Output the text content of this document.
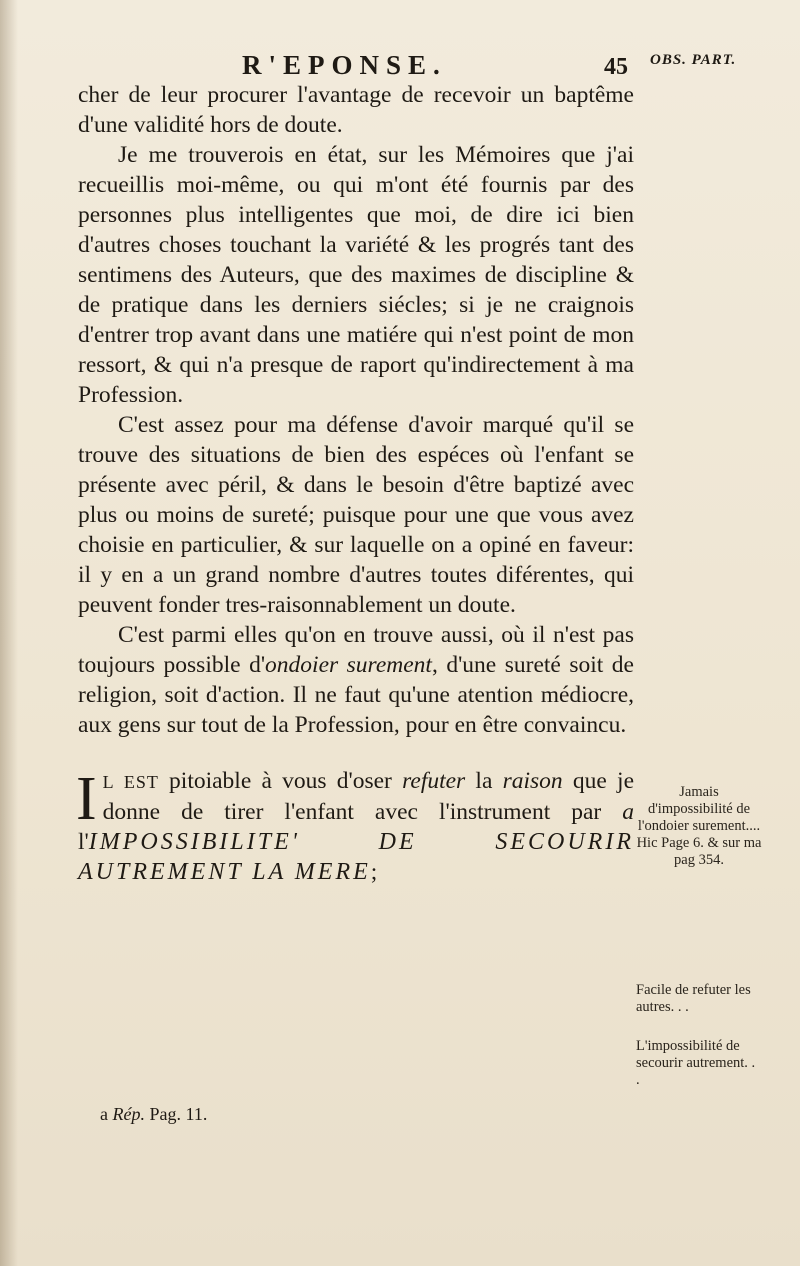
R'EPONSE.	45 OBS. PART.

cher de leur procurer l'avantage de recevoir un baptême d'une validité hors de doute.

Je me trouverois en état, sur les Mémoires que j'ai recueillis moi-même, ou qui m'ont été fournis par des personnes plus intelligentes que moi, de dire ici bien d'autres choses touchant la variété & les progrés tant des sentimens des Auteurs, que des maximes de discipline & de pratique dans les derniers siécles; si je ne craignois d'entrer trop avant dans une matiére qui n'est point de mon ressort, & qui n'a presque de raport qu'indirectement à ma Profession.

C'est assez pour ma défense d'avoir marqué qu'il se trouve des situations de bien des espéces où l'enfant se présente avec péril, & dans le besoin d'être baptizé avec plus ou moins de sureté; puisque pour une que vous avez choisie en particulier, & sur laquelle on a opiné en faveur: il y en a un grand nombre d'autres toutes diférentes, qui peuvent fonder tres-raisonnablement un doute.

C'est parmi elles qu'on en trouve aussi, où il n'est pas toujours possible d'ondoier surement, d'une sureté soit de religion, soit d'action. Il ne faut qu'une atention médiocre, aux gens sur tout de la Profession, pour en être convaincu.

I L EST pitoiable à vous d'oser refuter la raison que je donne de tirer l'enfant avec l'instrument par a l'IMPOSSIBILITE' DE SECOURIR AUTREMENT LA MERE;

a Rép. Pag. 11.
Jamais d'impossibilité de l'ondoier surement.... Hic Page 6. & sur ma pag 354.
Facile de refuter les autres. . .
L'impossibilité de secourir autrement. . .
